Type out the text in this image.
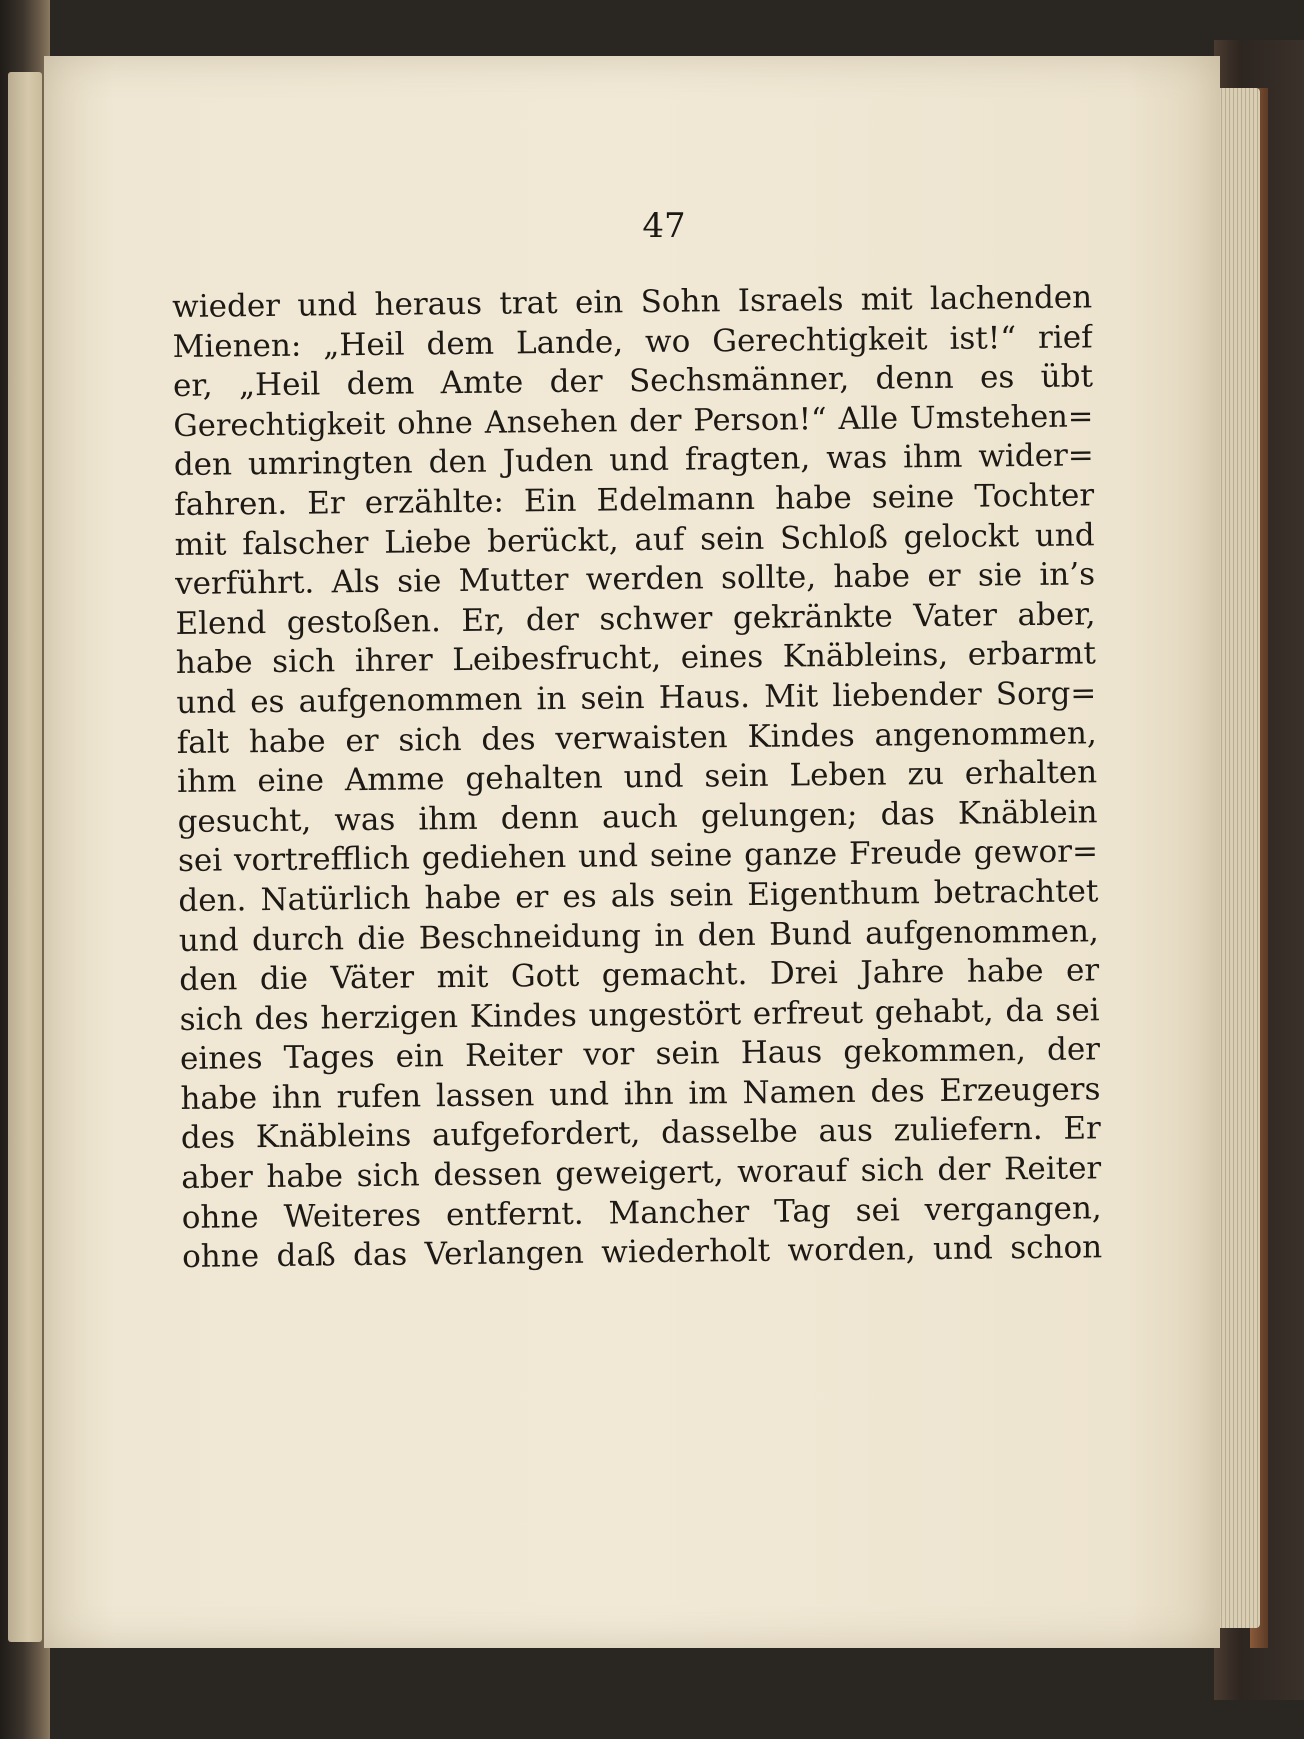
47
wieder und heraus trat ein Sohn Israels mit lachenden
Mienen: „Heil dem Lande, wo Gerechtigkeit ist!“ rief
er, „Heil dem Amte der Sechsmänner, denn es übt
Gerechtigkeit ohne Ansehen der Person!“ Alle Umstehen=
den umringten den Juden und fragten, was ihm wider=
fahren. Er erzählte: Ein Edelmann habe seine Tochter
mit falscher Liebe berückt, auf sein Schloß gelockt und
verführt. Als sie Mutter werden sollte, habe er sie in’s
Elend gestoßen. Er, der schwer gekränkte Vater aber,
habe sich ihrer Leibesfrucht, eines Knäbleins, erbarmt
und es aufgenommen in sein Haus. Mit liebender Sorg=
falt habe er sich des verwaisten Kindes angenommen,
ihm eine Amme gehalten und sein Leben zu erhalten
gesucht, was ihm denn auch gelungen; das Knäblein
sei vortrefflich gediehen und seine ganze Freude gewor=
den. Natürlich habe er es als sein Eigenthum betrachtet
und durch die Beschneidung in den Bund aufgenommen,
den die Väter mit Gott gemacht. Drei Jahre habe er
sich des herzigen Kindes ungestört erfreut gehabt, da sei
eines Tages ein Reiter vor sein Haus gekommen, der
habe ihn rufen lassen und ihn im Namen des Erzeugers
des Knäbleins aufgefordert, dasselbe aus zuliefern. Er
aber habe sich dessen geweigert, worauf sich der Reiter
ohne Weiteres entfernt. Mancher Tag sei vergangen,
ohne daß das Verlangen wiederholt worden, und schon
